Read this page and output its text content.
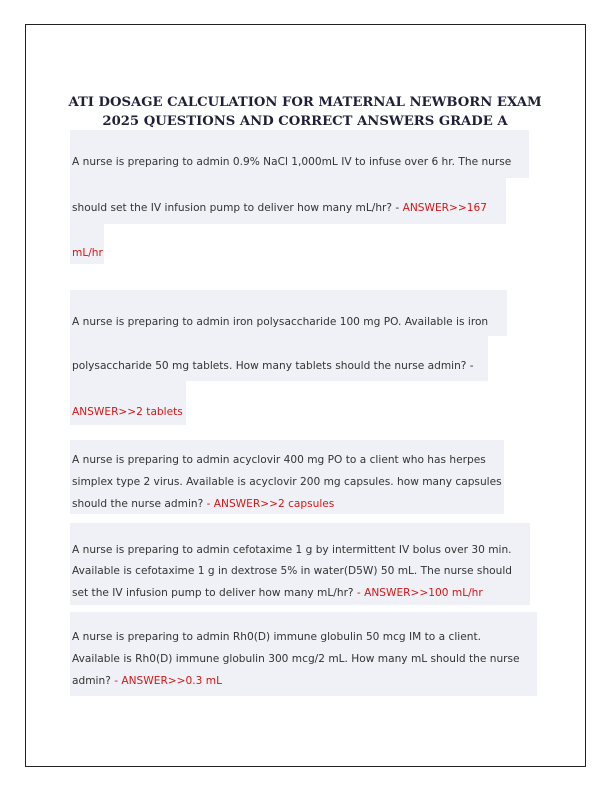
ATI DOSAGE CALCULATION FOR MATERNAL NEWBORN EXAM
2025 QUESTIONS AND CORRECT ANSWERS GRADE A
A nurse is preparing to admin 0.9% NaCl 1,000mL IV to infuse over 6 hr. The nurse
should set the IV infusion pump to deliver how many mL/hr? - ANSWER>>167
mL/hr
A nurse is preparing to admin iron polysaccharide 100 mg PO. Available is iron
polysaccharide 50 mg tablets. How many tablets should the nurse admin? -
ANSWER>>2 tablets
A nurse is preparing to admin acyclovir 400 mg PO to a client who has herpes
simplex type 2 virus. Available is acyclovir 200 mg capsules. how many capsules
should the nurse admin? - ANSWER>>2 capsules
A nurse is preparing to admin cefotaxime 1 g by intermittent IV bolus over 30 min.
Available is cefotaxime 1 g in dextrose 5% in water(D5W) 50 mL. The nurse should
set the IV infusion pump to deliver how many mL/hr? - ANSWER>>100 mL/hr
A nurse is preparing to admin Rh0(D) immune globulin 50 mcg IM to a client.
Available is Rh0(D) immune globulin 300 mcg/2 mL. How many mL should the nurse
admin? - ANSWER>>0.3 mL
